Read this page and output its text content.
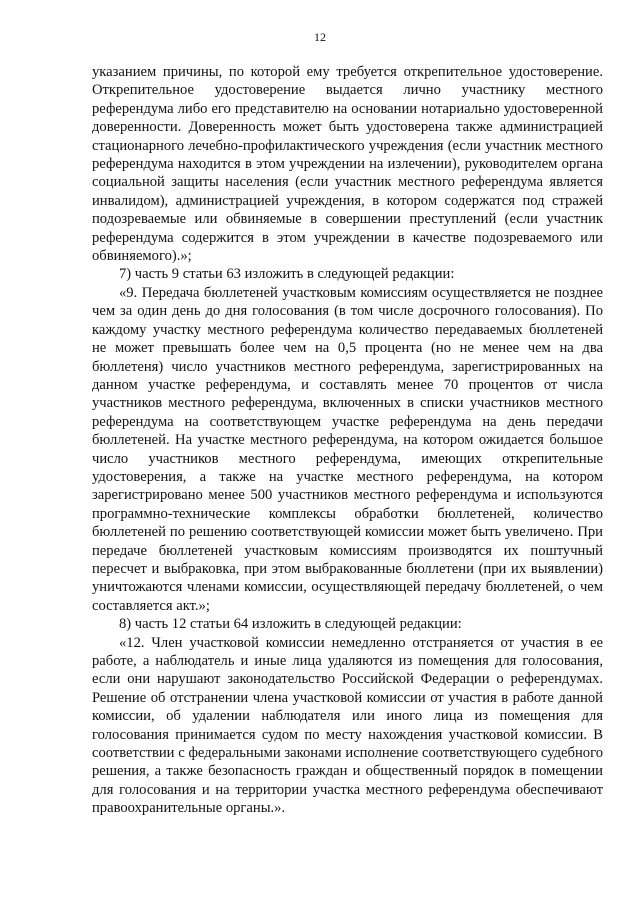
12

указанием причины, по которой ему требуется открепительное удостоверение. Открепительное удостоверение выдается лично участнику местного референдума либо его представителю на основании нотариально удостоверенной доверенности. Доверенность может быть удостоверена также администрацией стационарного лечебно-профилактического учреждения (если участник местного референдума находится в этом учреждении на излечении), руководителем органа социальной защиты населения (если участник местного референдума является инвалидом), администрацией учреждения, в котором содержатся под стражей подозреваемые или обвиняемые в совершении преступлений (если участник референдума содержится в этом учреждении в качестве подозреваемого или обвиняемого).»;

7) часть 9 статьи 63 изложить в следующей редакции:

«9. Передача бюллетеней участковым комиссиям осуществляется не позднее чем за один день до дня голосования (в том числе досрочного голосования). По каждому участку местного референдума количество передаваемых бюллетеней не может превышать более чем на 0,5 процента (но не менее чем на два бюллетеня) число участников местного референдума, зарегистрированных на данном участке референдума, и составлять менее 70 процентов от числа участников местного референдума, включенных в списки участников местного референдума на соответствующем участке референдума на день передачи бюллетеней. На участке местного референдума, на котором ожидается большое число участников местного референдума, имеющих открепительные удостоверения, а также на участке местного референдума, на котором зарегистрировано менее 500 участников местного референдума и используются программно-технические комплексы обработки бюллетеней, количество бюллетеней по решению соответствующей комиссии может быть увеличено. При передаче бюллетеней участковым комиссиям производятся их поштучный пересчет и выбраковка, при этом выбракованные бюллетени (при их выявлении) уничтожаются членами комиссии, осуществляющей передачу бюллетеней, о чем составляется акт.»;

8) часть 12 статьи 64 изложить в следующей редакции:

«12. Член участковой комиссии немедленно отстраняется от участия в ее работе, а наблюдатель и иные лица удаляются из помещения для голосования, если они нарушают законодательство Российской Федерации о референдумах. Решение об отстранении члена участковой комиссии от участия в работе данной комиссии, об удалении наблюдателя или иного лица из помещения для голосования принимается судом по месту нахождения участковой комиссии. В соответствии с федеральными законами исполнение соответствующего судебного решения, а также безопасность граждан и общественный порядок в помещении для голосования и на территории участка местного референдума обеспечивают правоохранительные органы.».
